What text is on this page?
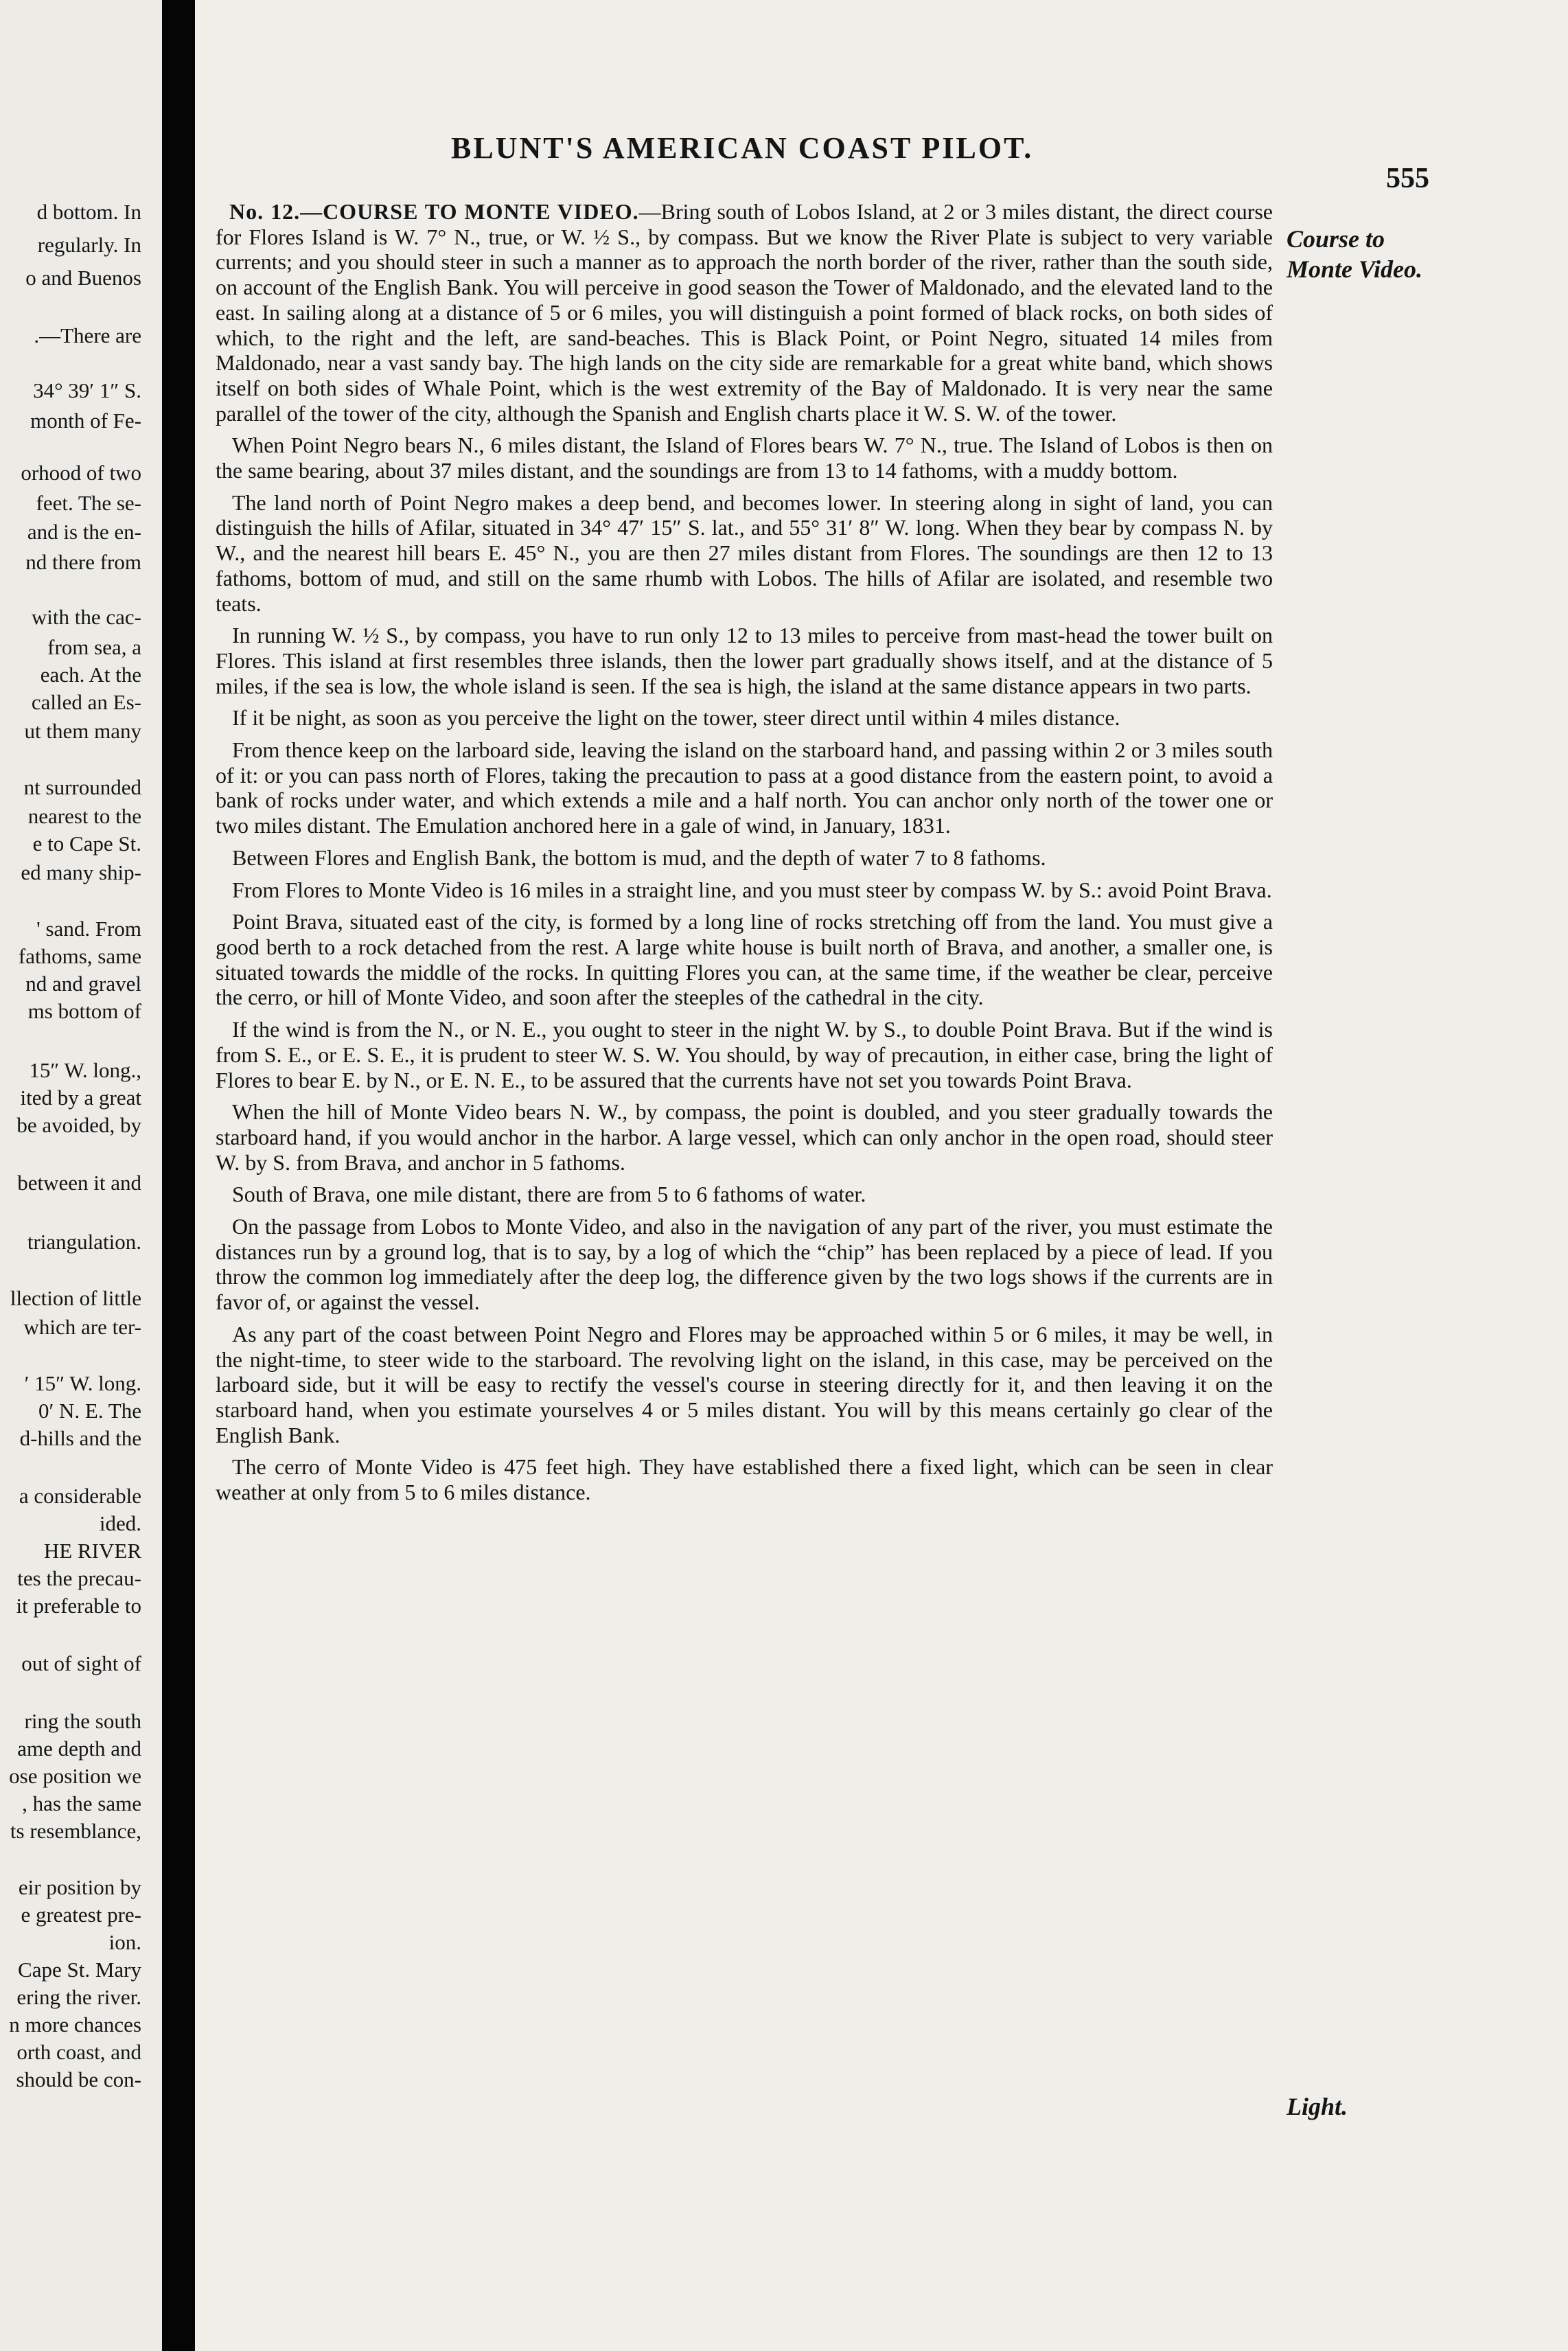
d bottom. In
regularly. In
o and Buenos
.—There are
34° 39′ 1″ S.
month of Fe-
orhood of two
feet. The se-
and is the en-
nd there from
with the cac-
from sea, a
each. At the
called an Es-
ut them many
nt surrounded
nearest to the
e to Cape St.
ed many ship-
' sand. From
fathoms, same
nd and gravel
ms bottom of
15″ W. long.,
ited by a great
be avoided, by
between it and
triangulation.
llection of little
which are ter-
′ 15″ W. long.
0′ N. E. The
d-hills and the
a considerable
ided.
HE RIVER
tes the precau-
it preferable to
out of sight of
ring the south
ame depth and
ose position we
, has the same
ts resemblance,
eir position by
e greatest pre-
ion.
Cape St. Mary
ering the river.
n more chances
orth coast, and
should be con-
BLUNT'S AMERICAN COAST PILOT.
555

No. 12.—COURSE TO MONTE VIDEO.—Bring south of Lobos Island, at 2 or 3 miles distant, the direct course for Flores Island is W. 7° N., true, or W. ½ S., by compass. But we know the River Plate is subject to very variable currents; and you should steer in such a manner as to approach the north border of the river, rather than the south side, on account of the English Bank. You will perceive in good season the Tower of Maldonado, and the elevated land to the east. In sailing along at a distance of 5 or 6 miles, you will distinguish a point formed of black rocks, on both sides of which, to the right and the left, are sand-beaches. This is Black Point, or Point Negro, situated 14 miles from Maldonado, near a vast sandy bay. The high lands on the city side are remarkable for a great white band, which shows itself on both sides of Whale Point, which is the west extremity of the Bay of Maldonado. It is very near the same parallel of the tower of the city, although the Spanish and English charts place it W. S. W. of the tower.

When Point Negro bears N., 6 miles distant, the Island of Flores bears W. 7° N., true. The Island of Lobos is then on the same bearing, about 37 miles distant, and the soundings are from 13 to 14 fathoms, with a muddy bottom.

The land north of Point Negro makes a deep bend, and becomes lower. In steering along in sight of land, you can distinguish the hills of Afilar, situated in 34° 47′ 15″ S. lat., and 55° 31′ 8″ W. long. When they bear by compass N. by W., and the nearest hill bears E. 45° N., you are then 27 miles distant from Flores. The soundings are then 12 to 13 fathoms, bottom of mud, and still on the same rhumb with Lobos. The hills of Afilar are isolated, and resemble two teats.

In running W. ½ S., by compass, you have to run only 12 to 13 miles to perceive from mast-head the tower built on Flores. This island at first resembles three islands, then the lower part gradually shows itself, and at the distance of 5 miles, if the sea is low, the whole island is seen. If the sea is high, the island at the same distance appears in two parts.

If it be night, as soon as you perceive the light on the tower, steer direct until within 4 miles distance.

From thence keep on the larboard side, leaving the island on the starboard hand, and passing within 2 or 3 miles south of it: or you can pass north of Flores, taking the precaution to pass at a good distance from the eastern point, to avoid a bank of rocks under water, and which extends a mile and a half north. You can anchor only north of the tower one or two miles distant. The Emulation anchored here in a gale of wind, in January, 1831.

Between Flores and English Bank, the bottom is mud, and the depth of water 7 to 8 fathoms.

From Flores to Monte Video is 16 miles in a straight line, and you must steer by compass W. by S.: avoid Point Brava.

Point Brava, situated east of the city, is formed by a long line of rocks stretching off from the land. You must give a good berth to a rock detached from the rest. A large white house is built north of Brava, and another, a smaller one, is situated towards the middle of the rocks. In quitting Flores you can, at the same time, if the weather be clear, perceive the cerro, or hill of Monte Video, and soon after the steeples of the cathedral in the city.

If the wind is from the N., or N. E., you ought to steer in the night W. by S., to double Point Brava. But if the wind is from S. E., or E. S. E., it is prudent to steer W. S. W. You should, by way of precaution, in either case, bring the light of Flores to bear E. by N., or E. N. E., to be assured that the currents have not set you towards Point Brava.

When the hill of Monte Video bears N. W., by compass, the point is doubled, and you steer gradually towards the starboard hand, if you would anchor in the harbor. A large vessel, which can only anchor in the open road, should steer W. by S. from Brava, and anchor in 5 fathoms.

South of Brava, one mile distant, there are from 5 to 6 fathoms of water.

On the passage from Lobos to Monte Video, and also in the navigation of any part of the river, you must estimate the distances run by a ground log, that is to say, by a log of which the “chip” has been replaced by a piece of lead. If you throw the common log immediately after the deep log, the difference given by the two logs shows if the currents are in favor of, or against the vessel.

As any part of the coast between Point Negro and Flores may be approached within 5 or 6 miles, it may be well, in the night-time, to steer wide to the starboard. The revolving light on the island, in this case, may be perceived on the larboard side, but it will be easy to rectify the vessel's course in steering directly for it, and then leaving it on the starboard hand, when you estimate yourselves 4 or 5 miles distant. You will by this means certainly go clear of the English Bank.

The cerro of Monte Video is 475 feet high. They have established there a fixed light, which can be seen in clear weather at only from 5 to 6 miles distance.

Course to
Monte Video.
Light.
